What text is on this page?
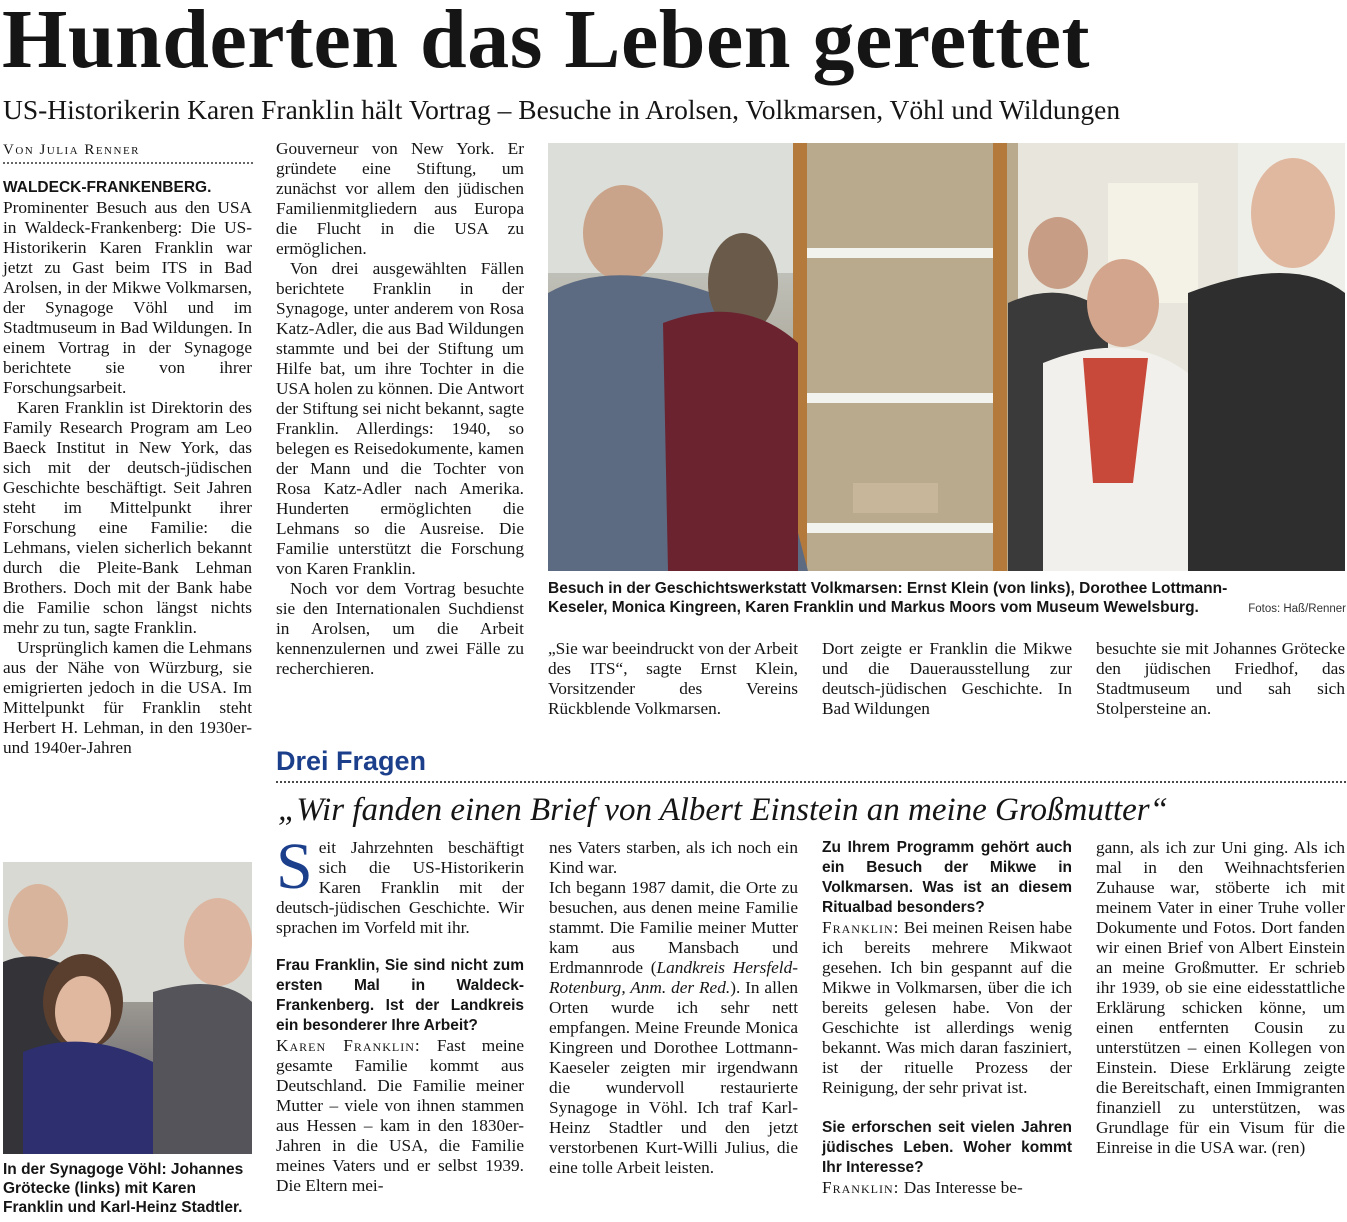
Hunderten das Leben gerettet
US-Historikerin Karen Franklin hält Vortrag – Besuche in Arolsen, Volkmarsen, Vöhl und Wildungen
Von Julia Renner
WALDECK-FRANKENBERG.

Prominenter Besuch aus den USA in Waldeck-Frankenberg: Die US-Historikerin Karen Franklin war jetzt zu Gast beim ITS in Bad Arolsen, in der Mikwe Volkmarsen, der Synagoge Vöhl und im Stadtmuseum in Bad Wildungen. In einem Vortrag in der Synagoge berichtete sie von ihrer Forschungsarbeit.

Karen Franklin ist Direktorin des Family Research Program am Leo Baeck Institut in New York, das sich mit der deutsch-jüdischen Geschichte beschäftigt. Seit Jahren steht im Mittelpunkt ihrer Forschung eine Familie: die Lehmans, vielen sicherlich bekannt durch die Pleite-Bank Lehman Brothers. Doch mit der Bank habe die Familie schon längst nichts mehr zu tun, sagte Franklin.

Ursprünglich kamen die Lehmans aus der Nähe von Würzburg, sie emigrierten jedoch in die USA. Im Mittelpunkt für Franklin steht Herbert H. Lehman, in den 1930er- und 1940er-Jahren

Gouverneur von New York. Er gründete eine Stiftung, um zunächst vor allem den jüdischen Familienmitgliedern aus Europa die Flucht in die USA zu ermöglichen.

Von drei ausgewählten Fällen berichtete Franklin in der Synagoge, unter anderem von Rosa Katz-Adler, die aus Bad Wildungen stammte und bei der Stiftung um Hilfe bat, um ihre Tochter in die USA holen zu können. Die Antwort der Stiftung sei nicht bekannt, sagte Franklin. Allerdings: 1940, so belegen es Reisedokumente, kamen der Mann und die Tochter von Rosa Katz-Adler nach Amerika. Hunderten ermöglichten die Lehmans so die Ausreise. Die Familie unterstützt die Forschung von Karen Franklin.

Noch vor dem Vortrag besuchte sie den Internationalen Suchdienst in Arolsen, um die Arbeit kennenzulernen und zwei Fälle zu recherchieren.

Besuch in der Geschichtswerkstatt Volkmarsen: Ernst Klein (von links), Dorothee Lottmann-Keseler, Monica Kingreen, Karen Franklin und Markus Moors vom Museum Wewelsburg.	Fotos: Haß/Renner

„Sie war beeindruckt von der Arbeit des ITS“, sagte Ernst Klein, Vorsitzender des Vereins Rückblende Volkmarsen.

Dort zeigte er Franklin die Mikwe und die Dauerausstellung zur deutsch-jüdischen Geschichte. In Bad Wildungen

besuchte sie mit Johannes Grötecke den jüdischen Friedhof, das Stadtmuseum und sah sich Stolpersteine an.

In der Synagoge Vöhl: Johannes Grötecke (links) mit Karen Franklin und Karl-Heinz Stadtler.
Drei Fragen
„Wir fanden einen Brief von Albert Einstein an meine Großmutter“

Seit Jahrzehnten beschäftigt sich die US-Historikerin Karen Franklin mit der deutsch-jüdischen Geschichte. Wir sprachen im Vorfeld mit ihr.

Frau Franklin, Sie sind nicht zum ersten Mal in Waldeck-Frankenberg. Ist der Landkreis ein besonderer Ihre Arbeit?

Karen Franklin: Fast meine gesamte Familie kommt aus Deutschland. Die Familie meiner Mutter – viele von ihnen stammen aus Hessen – kam in den 1830er-Jahren in die USA, die Familie meines Vaters und er selbst 1939. Die Eltern mei-

nes Vaters starben, als ich noch ein Kind war.

Ich begann 1987 damit, die Orte zu besuchen, aus denen meine Familie stammt. Die Familie meiner Mutter kam aus Mansbach und Erdmannrode (Landkreis Hersfeld-Rotenburg, Anm. der Red.). In allen Orten wurde ich sehr nett empfangen. Meine Freunde Monica Kingreen und Dorothee Lottmann-Kaeseler zeigten mir irgendwann die wundervoll restaurierte Synagoge in Vöhl. Ich traf Karl-Heinz Stadtler und den jetzt verstorbenen Kurt-Willi Julius, die eine tolle Arbeit leisten.

Zu Ihrem Programm gehört auch ein Besuch der Mikwe in Volkmarsen. Was ist an diesem Ritualbad besonders?

Franklin: Bei meinen Reisen habe ich bereits mehrere Mikwaot gesehen. Ich bin gespannt auf die Mikwe in Volkmarsen, über die ich bereits gelesen habe. Von der Geschichte ist allerdings wenig bekannt. Was mich daran fasziniert, ist der rituelle Prozess der Reinigung, der sehr privat ist.

Sie erforschen seit vielen Jahren jüdisches Leben. Woher kommt Ihr Interesse?

Franklin: Das Interesse be-

gann, als ich zur Uni ging. Als ich mal in den Weihnachtsferien Zuhause war, stöberte ich mit meinem Vater in einer Truhe voller Dokumente und Fotos. Dort fanden wir einen Brief von Albert Einstein an meine Großmutter. Er schrieb ihr 1939, ob sie eine eidesstattliche Erklärung schicken könne, um einen entfernten Cousin zu unterstützen – einen Kollegen von Einstein. Diese Erklärung zeigte die Bereitschaft, einen Immigranten finanziell zu unterstützen, was Grundlage für ein Visum für die Einreise in die USA war. (ren)
